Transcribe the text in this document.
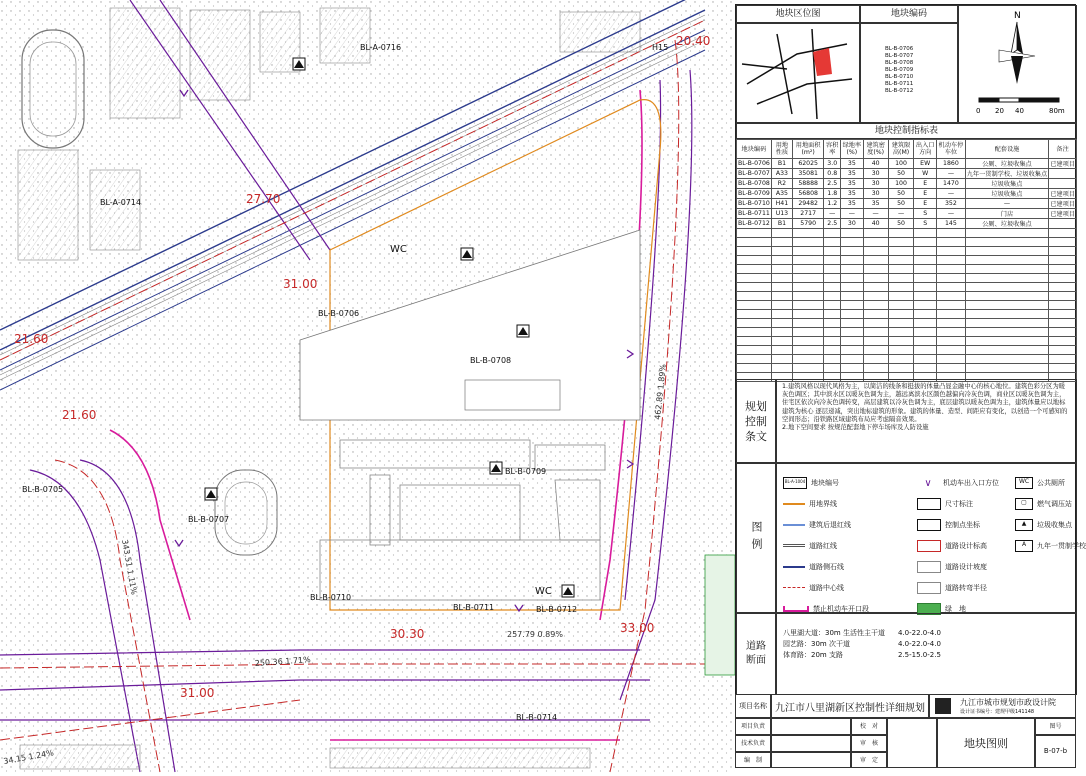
BL-A-0716
BL-A-0714
BL-B-0706
BL-B-0708
BL-B-0709
BL-B-0705
BL-B-0707
BL-B-0710
BL-B-0711	BL-B-0712
BL-B-0714
20.40
27.70
31.00
21.60
21.60
30.30	33.00
31.00
462.89 1.89%
250.36 1.71%
257.79 0.89%
34.15 1.24%
343.51 1.11%
H15
WC
WC
地块区位图	地块编码	N
0 20 40	80m
BL-B-0706
BL-B-0707
BL-B-0708
BL-B-0709
BL-B-0710
BL-B-0711
BL-B-0712
地块控制指标表
地块编码	用地性质	用地面积(m²)	容积率	绿地率(%)	建筑密度(%)	建筑限高(M)	出入口方向	机动车停车位	配套设施	备注
BL-B-0706	B1	62025	3.0	35	40	100	EW	1860	公厕、垃圾收集点	已建项目
BL-B-0707	A33	35081	0.8	35	30	50	W	—	九年一贯制学校、垃圾收集点	
BL-B-0708	R2	58888	2.5	35	30	100	E	1470	垃圾收集点	
BL-B-0709	A35	56808	1.8	35	30	50	E	—	垃圾收集点	已建项目
BL-B-0710	H41	29482	1.2	35	35	50	E	352	—	已建项目
BL-B-0711	U13	2717	—	—	—	—	S	—	门店	已建项目
BL-B-0712	B1	5790	2.5	30	40	50	S	145	公厕、垃圾收集点	

规划控制条文
1.建筑风格以现代风格为主，以简洁的线条和挺拔的体量凸显金融中心的核心地位。建筑色彩分区为暖灰色调区；其中滨水区以暖灰色调为主，越远离滨水区颜色越偏向冷灰色调，商业区以暖灰色调为主，住宅区依次向冷灰色调转变，高层建筑以冷灰色调为主，底层建筑以暖灰色调为主，建筑体量应以地标建筑为核心 逐层递减，突出地标建筑的形象。建筑的体量、造型、间距应有变化，以创造一个可感知的空间形态；沿铁路区域建筑布局应考虑隔音效果。
2.地下空间要求 按规范配套地下停车场库及人防设施
图例
BL-A-1004 地块编号
用地界线
建筑后退红线
道路红线
道路侧石线
道路中心线
禁止机动车开口段
∨	机动车出入口方位
尺寸标注
控制点坐标
道路设计标高
道路设计坡度
道路转弯半径
绿　地
WC	公共厕所
▢	燃气调压站
▲	垃圾收集点
A	九年一贯制学校
道路断面
八里湖大道：30m 生活性主干道	4.0-22.0-4.0
园艺路：30m 次干道	4.0-22.0-4.0
体育路：20m 支路	2.5-15.0-2.5
项目名称 九江市八里湖新区控制性详细规划	九江市城市规划市政设计院
设计证书编号：建规甲级141148
项目负责
技术负责
编　制
校　对
审　核
审　定
地块图则
图号
B-07-b
